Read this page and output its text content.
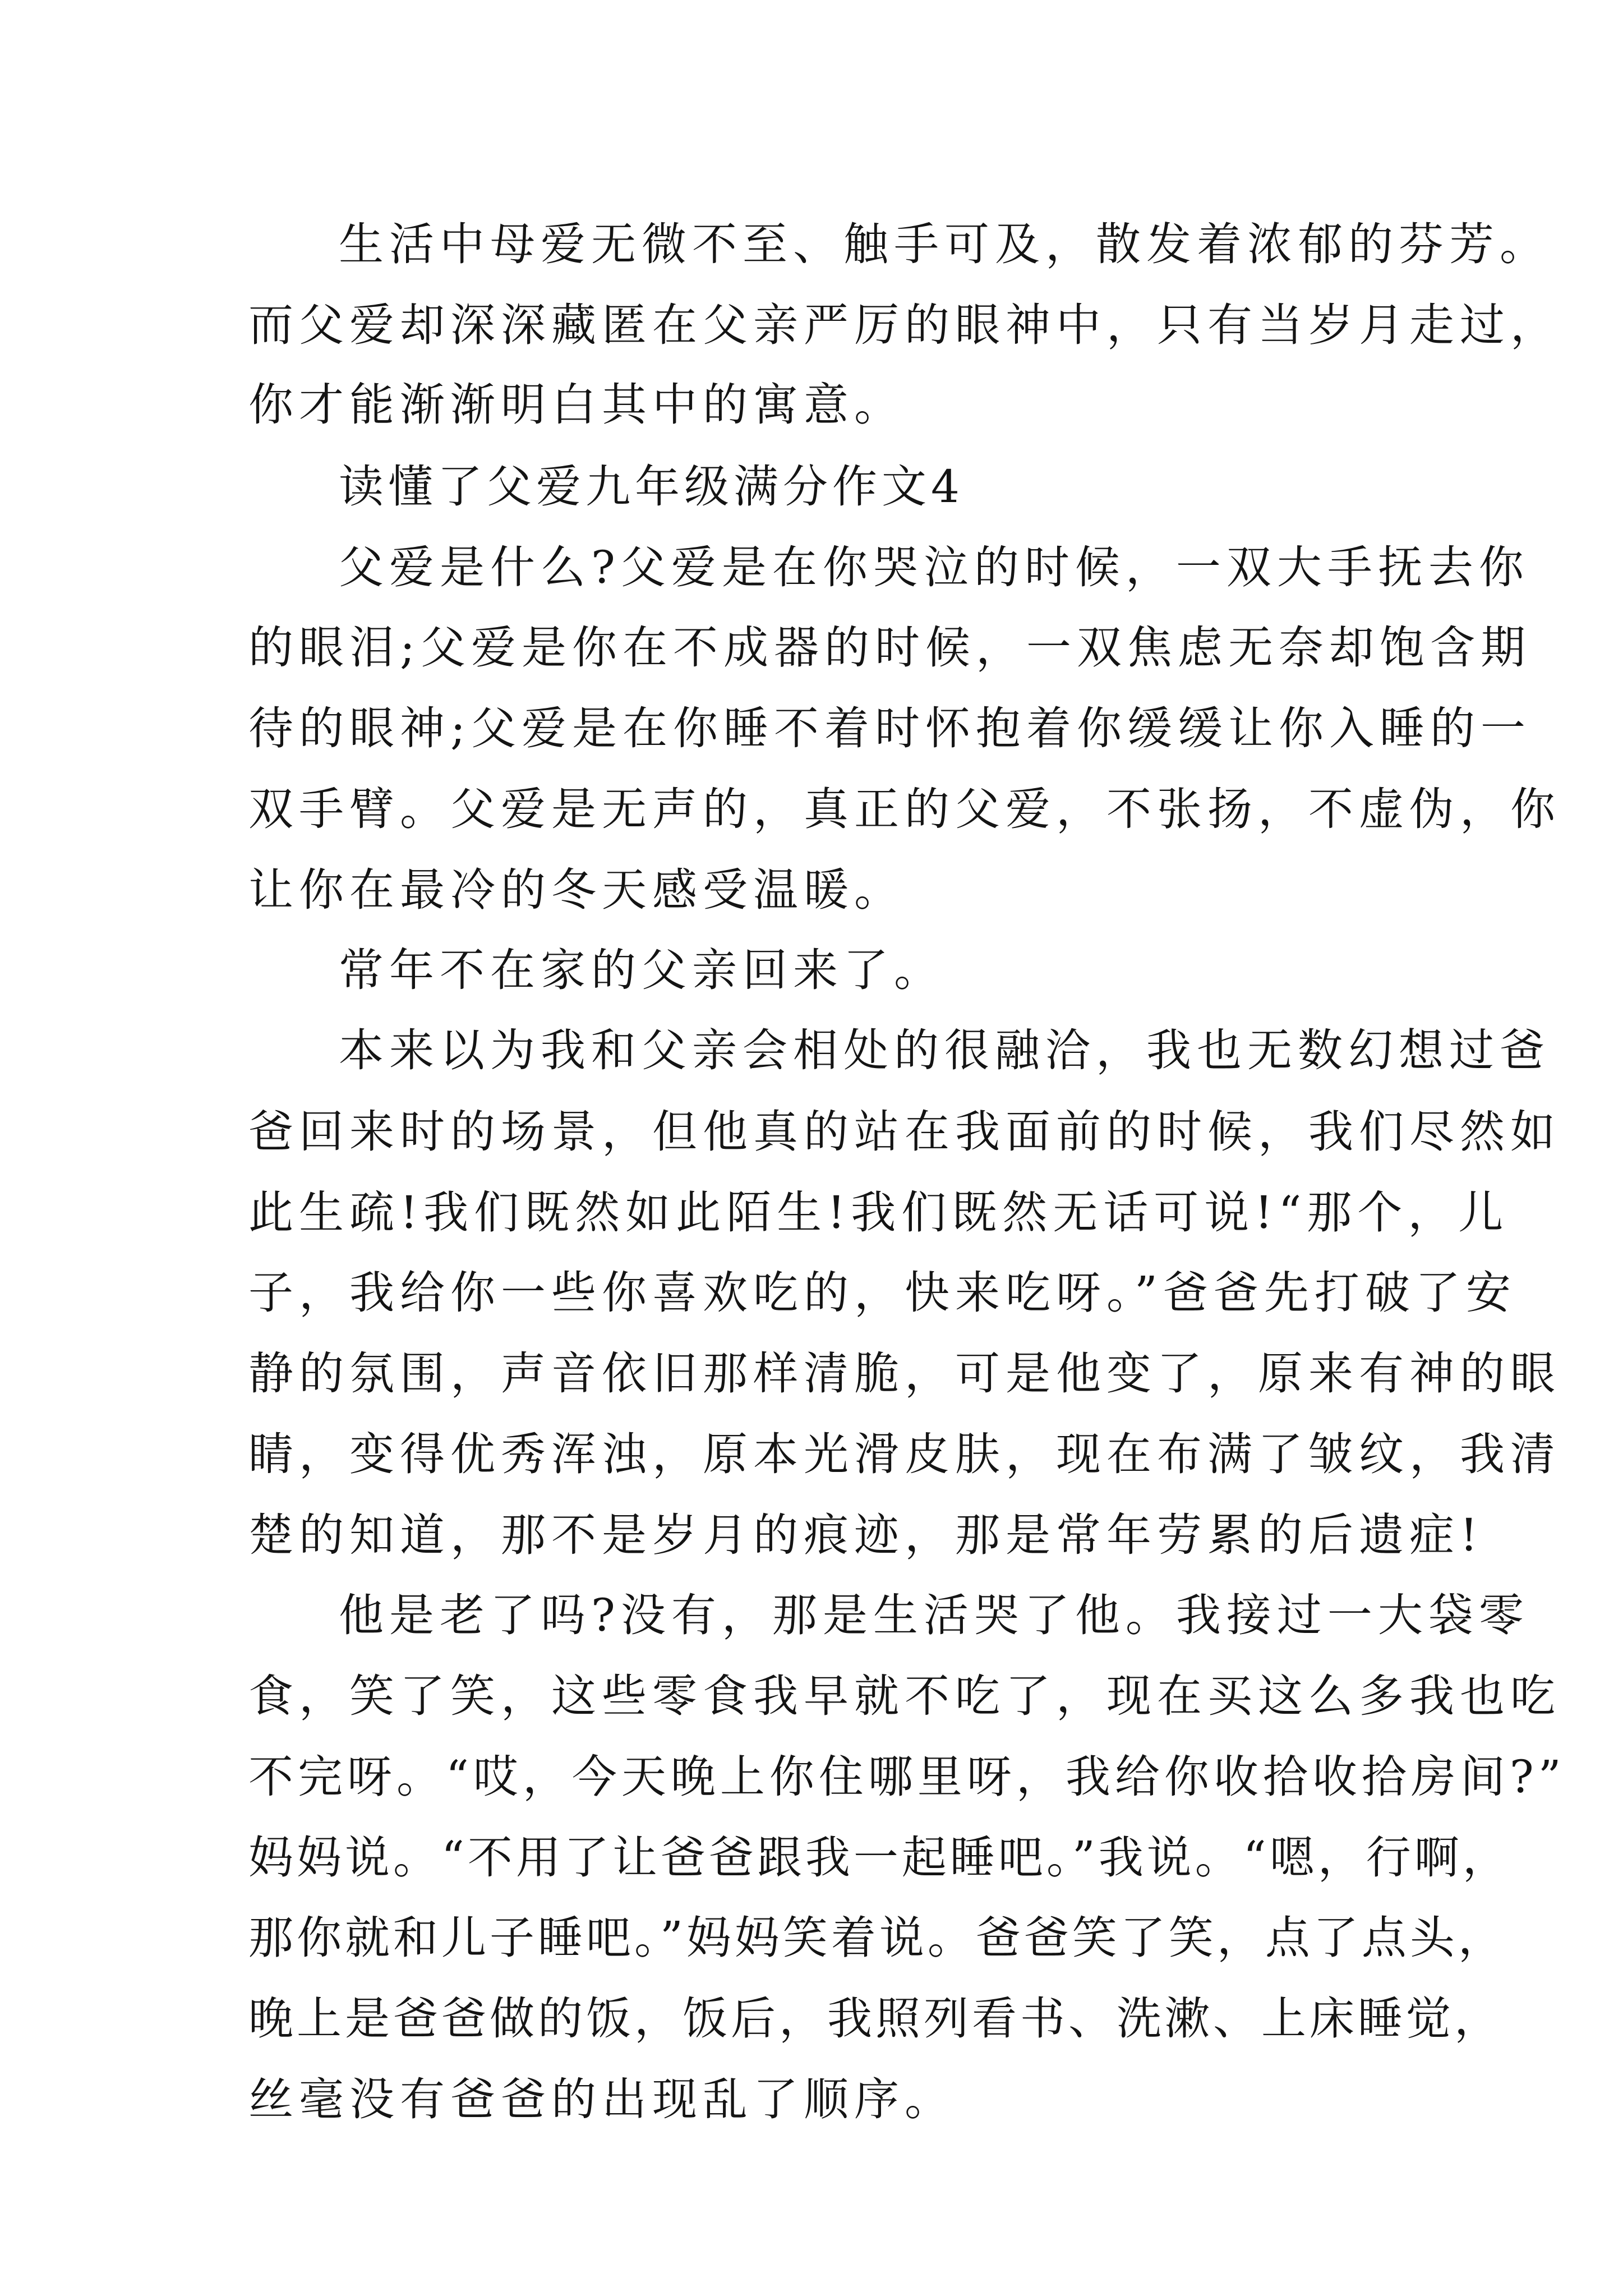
生活中母爱无微不至、触手可及，散发着浓郁的芬芳。

而父爱却深深藏匿在父亲严厉的眼神中，只有当岁月走过，

你才能渐渐明白其中的寓意。

读懂了父爱九年级满分作文4

父爱是什么?父爱是在你哭泣的时候，一双大手抚去你

的眼泪;父爱是你在不成器的时候，一双焦虑无奈却饱含期

待的眼神;父爱是在你睡不着时怀抱着你缓缓让你入睡的一

双手臂。父爱是无声的，真正的父爱，不张扬，不虚伪，你

让你在最冷的冬天感受温暖。

常年不在家的父亲回来了。

本来以为我和父亲会相处的很融洽，我也无数幻想过爸

爸回来时的场景，但他真的站在我面前的时候，我们尽然如

此生疏!我们既然如此陌生!我们既然无话可说!“那个，儿

子，我给你一些你喜欢吃的，快来吃呀。”爸爸先打破了安

静的氛围，声音依旧那样清脆，可是他变了，原来有神的眼

睛，变得优秀浑浊，原本光滑皮肤，现在布满了皱纹，我清

楚的知道，那不是岁月的痕迹，那是常年劳累的后遗症!

他是老了吗?没有，那是生活哭了他。我接过一大袋零

食，笑了笑，这些零食我早就不吃了，现在买这么多我也吃

不完呀。“哎，今天晚上你住哪里呀，我给你收拾收拾房间?”

妈妈说。“不用了让爸爸跟我一起睡吧。”我说。“嗯，行啊，

那你就和儿子睡吧。”妈妈笑着说。爸爸笑了笑，点了点头，

晚上是爸爸做的饭，饭后，我照列看书、洗漱、上床睡觉，

丝毫没有爸爸的出现乱了顺序。
